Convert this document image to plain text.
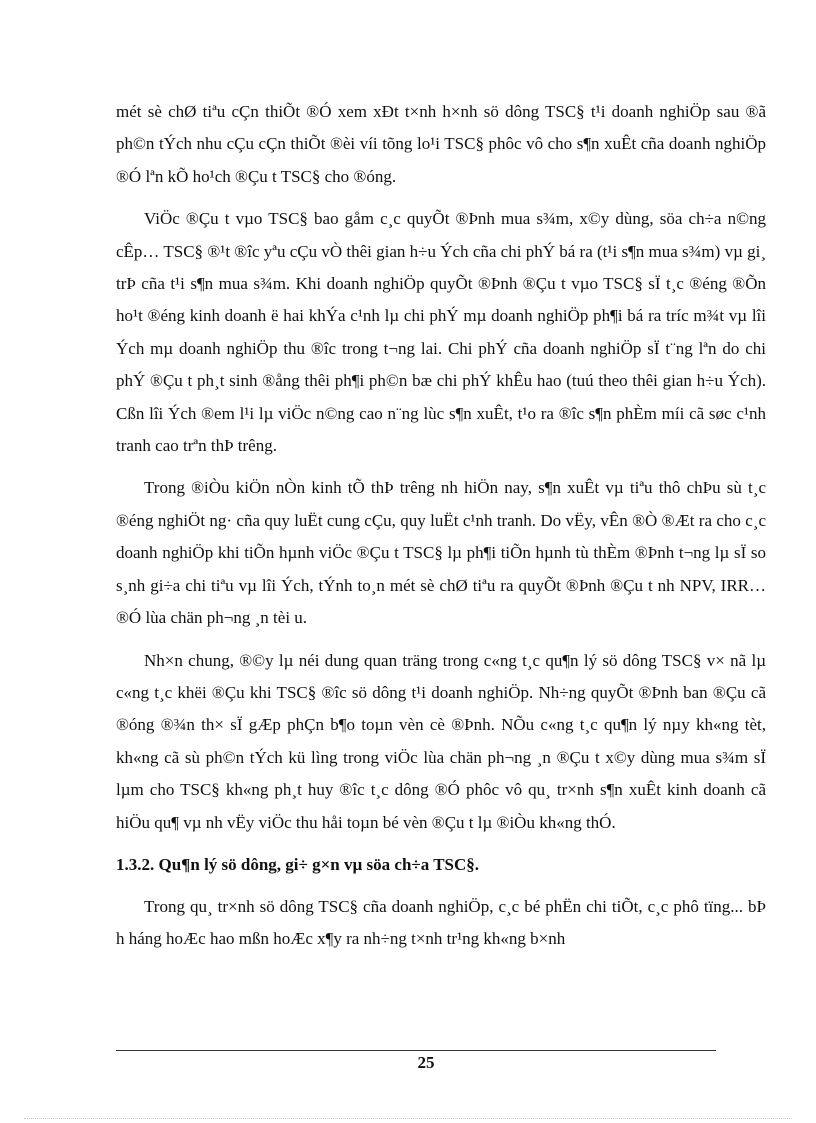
mét sè chØ tiªu cÇn thiÕt ®Ó xem xÐt t×nh h×nh sö dông TSC§ t¹i doanh nghiÖp sau ®ã ph©n tÝch nhu cÇu cÇn thiÕt ®èi víi tõng lo¹i TSC§ phôc vô cho s¶n xuÊt cña doanh nghiÖp ®Ó lªn kÕ ho¹ch ®Çu t TSC§ cho ®óng.

ViÖc ®Çu t vµo TSC§ bao gåm c¸c quyÕt ®Þnh mua s¾m, x©y dùng, söa ch÷a n©ng cÊp… TSC§ ®¹t ®îc yªu cÇu vÒ thêi gian h÷u Ých cña chi phÝ bá ra (t¹i s¶n mua s¾m) vµ gi¸ trÞ cña t¹i s¶n mua s¾m. Khi doanh nghiÖp quyÕt ®Þnh ®Çu t vµo TSC§ sÏ t¸c ®éng ®Õn ho¹t ®éng kinh doanh ë hai khÝa c¹nh lµ chi phÝ mµ doanh nghiÖp ph¶i bá ra tríc m¾t vµ lîi Ých mµ doanh nghiÖp thu ®îc trong t¬ng lai. Chi phÝ cña doanh nghiÖp sÏ t¨ng lªn do chi phÝ ®Çu t ph¸t sinh ®ång thêi ph¶i ph©n bæ chi phÝ khÊu hao (tuú theo thêi gian h÷u Ých). Cßn lîi Ých ®em l¹i lµ viÖc n©ng cao n¨ng lùc s¶n xuÊt, t¹o ra ®îc s¶n phÈm míi cã søc c¹nh tranh cao trªn thÞ trêng.

Trong ®iÒu kiÖn nÒn kinh tÕ thÞ trêng nh hiÖn nay, s¶n xuÊt vµ tiªu thô chÞu sù t¸c ®éng nghiÖt ng· cña quy luËt cung cÇu, quy luËt c¹nh tranh. Do vËy, vÊn ®Ò ®Æt ra cho c¸c doanh nghiÖp khi tiÕn hµnh viÖc ®Çu t TSC§ lµ ph¶i tiÕn hµnh tù thÈm ®Þnh t¬ng lµ sÏ so s¸nh gi÷a chi tiªu vµ lîi Ých, tÝnh to¸n mét sè chØ tiªu ra quyÕt ®Þnh ®Çu t nh NPV, IRR… ®Ó lùa chän ph¬ng ¸n tèi u.

Nh×n chung, ®©y lµ néi dung quan träng trong c«ng t¸c qu¶n lý sö dông TSC§ v× nã lµ c«ng t¸c khëi ®Çu khi TSC§ ®îc sö dông t¹i doanh nghiÖp. Nh÷ng quyÕt ®Þnh ban ®Çu cã ®óng ®¾n th× sÏ gÆp phÇn b¶o toµn vèn cè ®Þnh. NÕu c«ng t¸c qu¶n lý nµy kh«ng tèt, kh«ng cã sù ph©n tÝch kü lìng trong viÖc lùa chän ph¬ng ¸n ®Çu t x©y dùng mua s¾m sÏ lµm cho TSC§ kh«ng ph¸t huy ®îc t¸c dông ®Ó phôc vô qu¸ tr×nh s¶n xuÊt kinh doanh cã hiÖu qu¶ vµ nh vËy viÖc thu håi toµn bé vèn ®Çu t lµ ®iÒu kh«ng thÓ.

1.3.2. Qu¶n lý sö dông, gi÷ g×n vµ söa ch÷a TSC§.

Trong qu¸ tr×nh sö dông TSC§ cña doanh nghiÖp, c¸c bé phËn chi tiÕt, c¸c phô tïng... bÞ h háng hoÆc hao mßn hoÆc x¶y ra nh÷ng t×nh tr¹ng kh«ng b×nh

25
